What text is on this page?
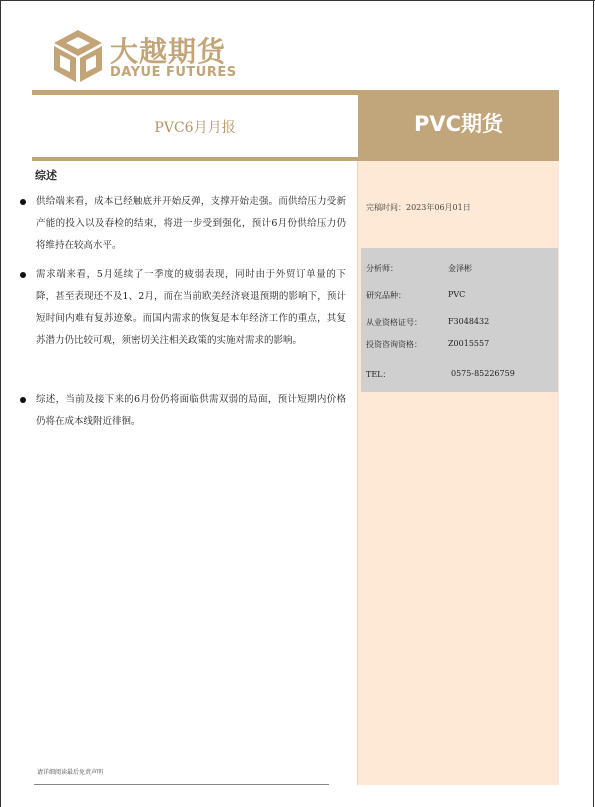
大越期货
DAYUE FUTURES
PVC6月月报	PVC期货
完稿时间：2023年06月01日
分析师：	金泽彬
研究品种：	PVC
从业资格证号：	F3048432
投资咨询资格：	Z0015557
TEL：	0575-85226759
综述
供给端来看，成本已经触底并开始反弹，支撑开始走强。而供给压力受新产能的投入以及春检的结束，将进一步受到强化，预计6月份供给压力仍将维持在较高水平。
需求端来看，5月延续了一季度的疲弱表现，同时由于外贸订单量的下降，甚至表现还不及1、2月，而在当前欧美经济衰退预期的影响下，预计短时间内难有复苏迹象。而国内需求的恢复是本年经济工作的重点，其复苏潜力仍比较可观，须密切关注相关政策的实施对需求的影响。
综述，当前及接下来的6月份仍将面临供需双弱的局面，预计短期内价格仍将在成本线附近徘徊。
请详细阅读最后免责声明
